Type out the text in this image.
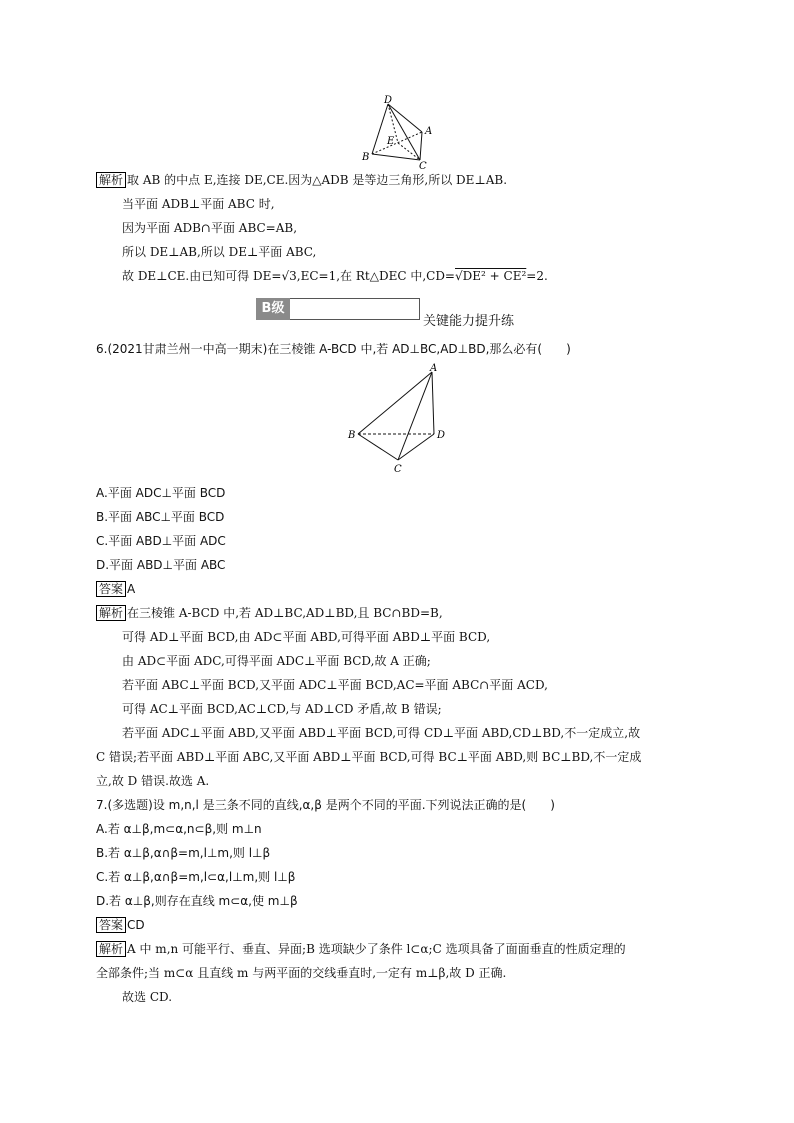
D
A
E
B
C
解析 取 AB 的中点 E,连接 DE,CE.因为△ADB 是等边三角形,所以 DE⊥AB.
当平面 ADB⊥平面 ABC 时,
因为平面 ADB∩平面 ABC=AB,
所以 DE⊥AB,所以 DE⊥平面 ABC,
故 DE⊥CE.由已知可得 DE=√3,EC=1,在 Rt△DEC 中,CD=√DE² + CE²=2.
B级
关键能力提升练
6.(2021甘肃兰州一中高一期末)在三棱锥 A-BCD 中,若 AD⊥BC,AD⊥BD,那么必有(　　)
A
B	D
C
A.平面 ADC⊥平面 BCD
B.平面 ABC⊥平面 BCD
C.平面 ABD⊥平面 ADC
D.平面 ABD⊥平面 ABC
答案 A
解析 在三棱锥 A-BCD 中,若 AD⊥BC,AD⊥BD,且 BC∩BD=B,
可得 AD⊥平面 BCD,由 AD⊂平面 ABD,可得平面 ABD⊥平面 BCD,
由 AD⊂平面 ADC,可得平面 ADC⊥平面 BCD,故 A 正确;
若平面 ABC⊥平面 BCD,又平面 ADC⊥平面 BCD,AC=平面 ABC∩平面 ACD,
可得 AC⊥平面 BCD,AC⊥CD,与 AD⊥CD 矛盾,故 B 错误;
若平面 ADC⊥平面 ABD,又平面 ABD⊥平面 BCD,可得 CD⊥平面 ABD,CD⊥BD,不一定成立,故
C 错误;若平面 ABD⊥平面 ABC,又平面 ABD⊥平面 BCD,可得 BC⊥平面 ABD,则 BC⊥BD,不一定成
立,故 D 错误.故选 A.
7.(多选题)设 m,n,l 是三条不同的直线,α,β 是两个不同的平面.下列说法正确的是(　　)
A.若 α⊥β,m⊂α,n⊂β,则 m⊥n
B.若 α⊥β,α∩β=m,l⊥m,则 l⊥β
C.若 α⊥β,α∩β=m,l⊂α,l⊥m,则 l⊥β
D.若 α⊥β,则存在直线 m⊂α,使 m⊥β
答案 CD
解析 A 中 m,n 可能平行、垂直、异面;B 选项缺少了条件 l⊂α;C 选项具备了面面垂直的性质定理的
全部条件;当 m⊂α 且直线 m 与两平面的交线垂直时,一定有 m⊥β,故 D 正确.
故选 CD.
